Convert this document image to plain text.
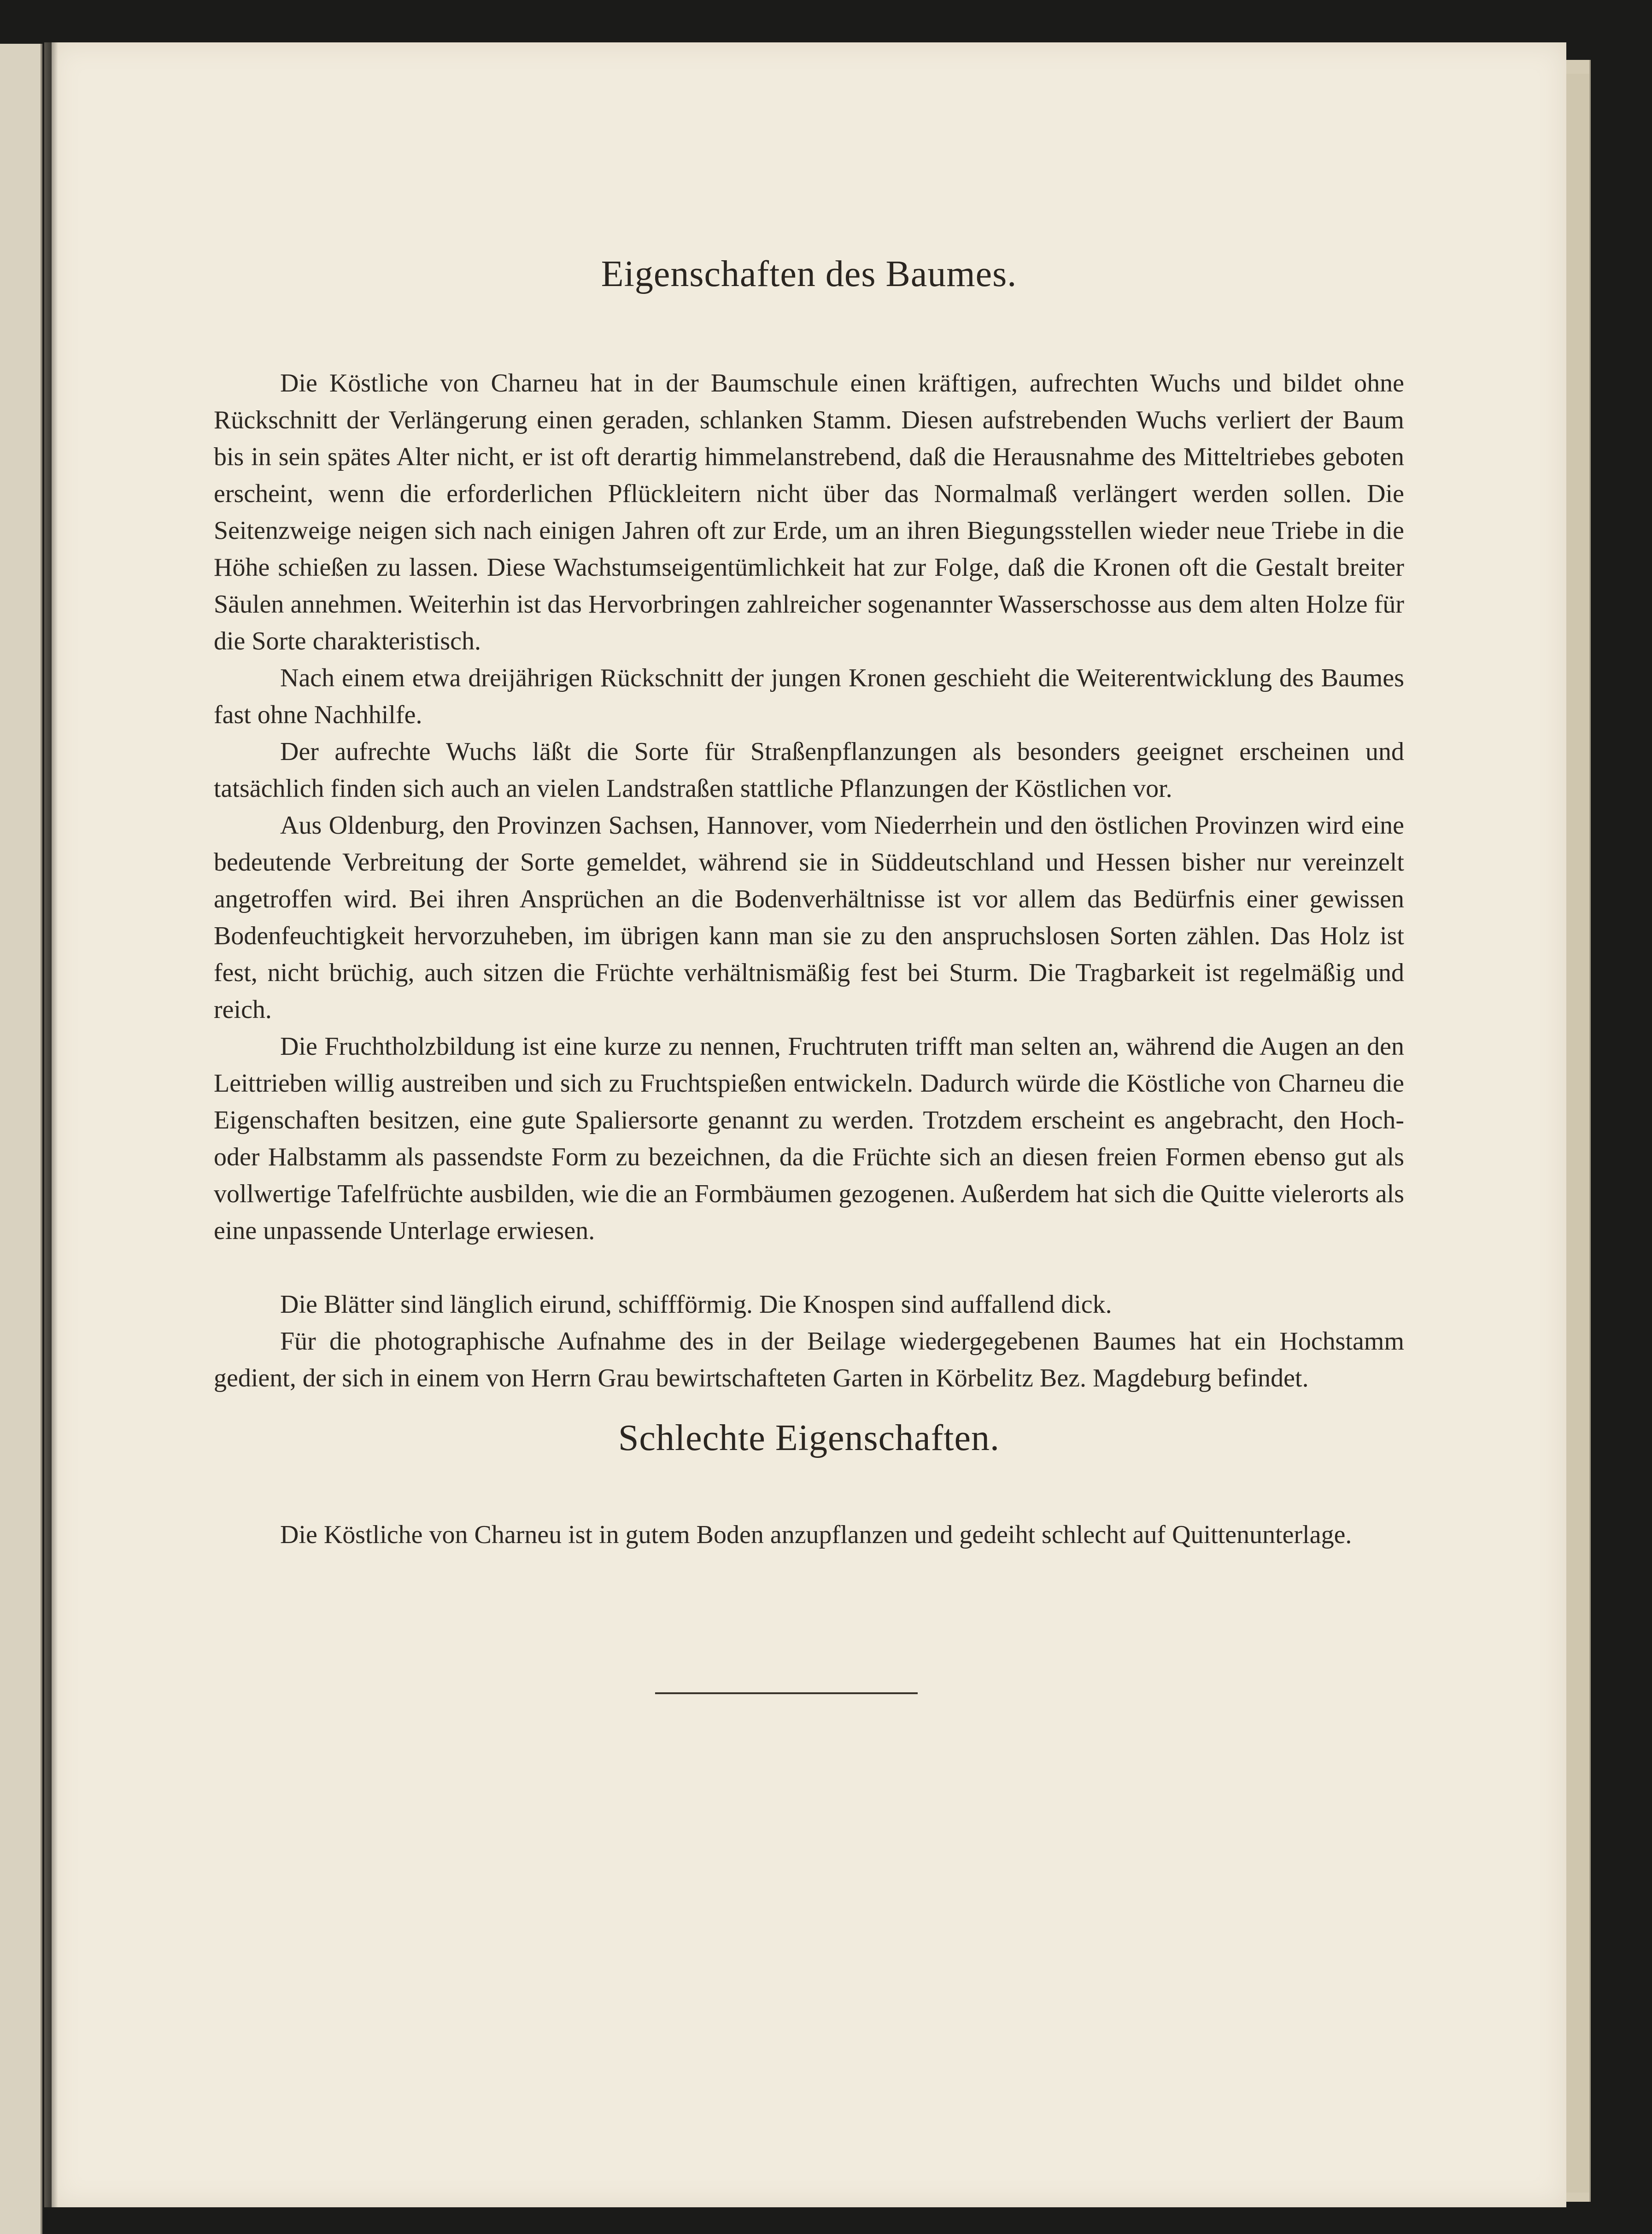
Eigenschaften des Baumes.

Die Köstliche von Charneu hat in der Baumschule einen kräftigen, aufrechten Wuchs und bildet ohne Rückschnitt der Verlängerung einen geraden, schlanken Stamm. Diesen aufstrebenden Wuchs verliert der Baum bis in sein spätes Alter nicht, er ist oft derartig himmelanstrebend, daß die Herausnahme des Mitteltriebes geboten erscheint, wenn die erforderlichen Pflückleitern nicht über das Normalmaß verlängert werden sollen. Die Seitenzweige neigen sich nach einigen Jahren oft zur Erde, um an ihren Biegungsstellen wieder neue Triebe in die Höhe schießen zu lassen. Diese Wachstumseigentümlichkeit hat zur Folge, daß die Kronen oft die Gestalt breiter Säulen annehmen. Weiterhin ist das Hervorbringen zahlreicher sogenannter Wasserschosse aus dem alten Holze für die Sorte charakteristisch.

Nach einem etwa dreijährigen Rückschnitt der jungen Kronen geschieht die Weiterentwicklung des Baumes fast ohne Nachhilfe.

Der aufrechte Wuchs läßt die Sorte für Straßenpflanzungen als besonders geeignet erscheinen und tatsächlich finden sich auch an vielen Landstraßen stattliche Pflanzungen der Köstlichen vor.

Aus Oldenburg, den Provinzen Sachsen, Hannover, vom Niederrhein und den östlichen Provinzen wird eine bedeutende Verbreitung der Sorte gemeldet, während sie in Süddeutschland und Hessen bisher nur vereinzelt angetroffen wird. Bei ihren Ansprüchen an die Bodenverhältnisse ist vor allem das Bedürfnis einer gewissen Bodenfeuchtigkeit hervorzuheben, im übrigen kann man sie zu den anspruchslosen Sorten zählen. Das Holz ist fest, nicht brüchig, auch sitzen die Früchte verhältnismäßig fest bei Sturm. Die Tragbarkeit ist regelmäßig und reich.

Die Fruchtholzbildung ist eine kurze zu nennen, Fruchtruten trifft man selten an, während die Augen an den Leittrieben willig austreiben und sich zu Fruchtspießen entwickeln. Dadurch würde die Köstliche von Charneu die Eigenschaften besitzen, eine gute Spaliersorte genannt zu werden. Trotzdem erscheint es angebracht, den Hoch- oder Halbstamm als passendste Form zu bezeichnen, da die Früchte sich an diesen freien Formen ebenso gut als vollwertige Tafelfrüchte ausbilden, wie die an Formbäumen gezogenen. Außerdem hat sich die Quitte vielerorts als eine unpassende Unterlage erwiesen.

Die Blätter sind länglich eirund, schiffförmig. Die Knospen sind auffallend dick.

Für die photographische Aufnahme des in der Beilage wiedergegebenen Baumes hat ein Hochstamm gedient, der sich in einem von Herrn Grau bewirtschafteten Garten in Körbelitz Bez. Magdeburg befindet.

Schlechte Eigenschaften.

Die Köstliche von Charneu ist in gutem Boden anzupflanzen und gedeiht schlecht auf Quittenunterlage.
